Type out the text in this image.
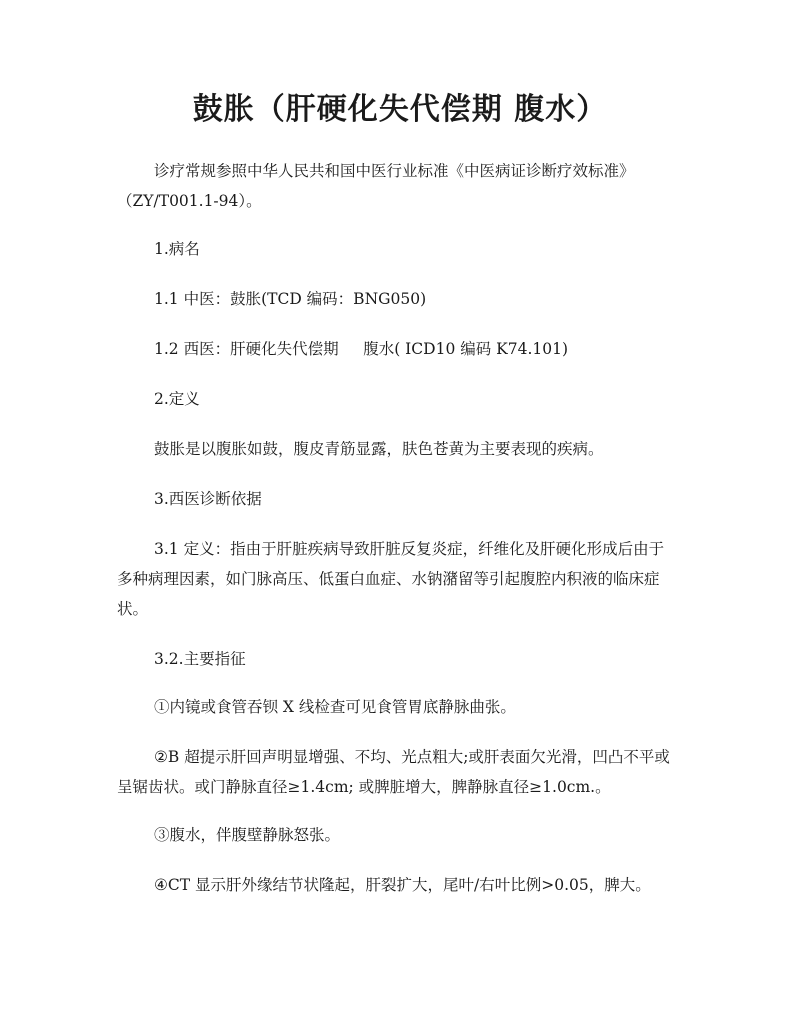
鼓胀（肝硬化失代偿期 腹水）
诊疗常规参照中华人民共和国中医行业标准《中医病证诊断疗效标准》
（ZY/T001.1-94）。

1.病名

1.1 中医：鼓胀(TCD 编码：BNG050)

1.2 西医：肝硬化失代偿期     腹水( ICD10 编码 K74.101)

2.定义

鼓胀是以腹胀如鼓，腹皮青筋显露，肤色苍黄为主要表现的疾病。

3.西医诊断依据

3.1 定义：指由于肝脏疾病导致肝脏反复炎症，纤维化及肝硬化形成后由于
多种病理因素，如门脉高压、低蛋白血症、水钠潴留等引起腹腔内积液的临床症
状。

3.2.主要指征

①内镜或食管吞钡 X 线检查可见食管胃底静脉曲张。

②B 超提示肝回声明显增强、不均、光点粗大;或肝表面欠光滑，凹凸不平或
呈锯齿状。或门静脉直径≥1.4cm; 或脾脏增大，脾静脉直径≥1.0cm.。

③腹水，伴腹壁静脉怒张。

④CT 显示肝外缘结节状隆起，肝裂扩大，尾叶/右叶比例>0.05，脾大。
